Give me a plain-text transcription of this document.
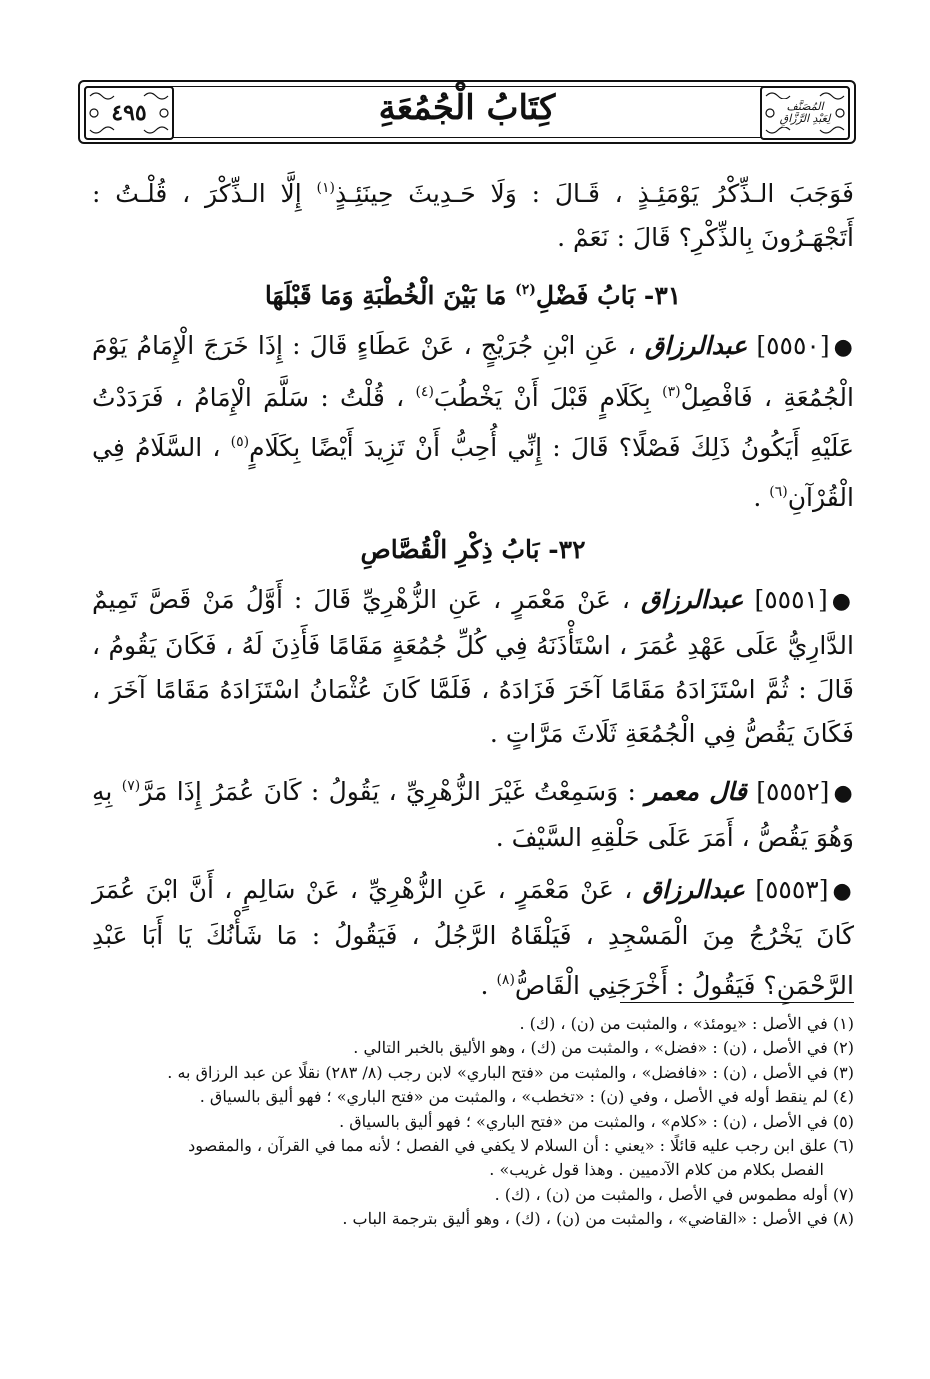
٤٩٥	كِتَابُ الْجُمُعَةِ	المُصَنَّف
لِعَبْدِ الرَّزَّاقِ

فَوَجَبَ الـذِّكْرُ يَوْمَئِـذٍ ، قَـالَ : وَلَا حَـدِيثَ حِينَئِـذٍ$^{(١)}$ إِلَّا الـذِّكْرَ ، قُلْـتُ : أَتَجْهَـرُونَ بِالذِّكْرِ؟ قَالَ : نَعَمْ .

٣١- بَابُ فَضْلِ$^{(٢)}$ مَا بَيْنَ الْخُطْبَةِ وَمَا قَبْلَهَا

●[٥٥٥٠] عبدالرزاق ، عَنِ ابْنِ جُرَيْجٍ ، عَنْ عَطَاءٍ قَالَ : إِذَا خَرَجَ الْإِمَامُ يَوْمَ الْجُمُعَةِ ، فَافْصِلْ$^{(٣)}$ بِكَلَامٍ قَبْلَ أَنْ يَخْطُبَ$^{(٤)}$ ، قُلْتُ : سَلَّمَ الْإِمَامُ ، فَرَدَدْتُ عَلَيْهِ أَيَكُونُ ذَلِكَ فَصْلًا؟ قَالَ : إِنِّي أُحِبُّ أَنْ تَزِيدَ أَيْضًا بِكَلَامٍ$^{(٥)}$ ، السَّلَامُ فِي الْقُرْآنِ$^{(٦)}$ .

٣٢- بَابُ ذِكْرِ الْقُصَّاصِ

●[٥٥٥١] عبدالرزاق ، عَنْ مَعْمَرٍ ، عَنِ الزُّهْرِيِّ قَالَ : أَوَّلُ مَنْ قَصَّ تَمِيمٌ الدَّارِيُّ عَلَى عَهْدِ عُمَرَ ، اسْتَأْذَنَهُ فِي كُلِّ جُمُعَةٍ مَقَامًا فَأَذِنَ لَهُ ، فَكَانَ يَقُومُ ، قَالَ : ثُمَّ اسْتَزَادَهُ مَقَامًا آخَرَ فَزَادَهُ ، فَلَمَّا كَانَ عُثْمَانُ اسْتَزَادَهُ مَقَامًا آخَرَ ، فَكَانَ يَقُصُّ فِي الْجُمُعَةِ ثَلَاثَ مَرَّاتٍ .

●[٥٥٥٢] قال معمر : وَسَمِعْتُ غَيْرَ الزُّهْرِيِّ ، يَقُولُ : كَانَ عُمَرُ إِذَا مَرَّ$^{(٧)}$ بِهِ وَهُوَ يَقُصُّ ، أَمَرَ عَلَى حَلْقِهِ السَّيْفَ .

●[٥٥٥٣] عبدالرزاق ، عَنْ مَعْمَرٍ ، عَنِ الزُّهْرِيِّ ، عَنْ سَالِمٍ ، أَنَّ ابْنَ عُمَرَ كَانَ يَخْرُجُ مِنَ الْمَسْجِدِ ، فَيَلْقَاهُ الرَّجُلُ ، فَيَقُولُ : مَا شَأْنُكَ يَا أَبَا عَبْدِ الرَّحْمَنِ؟ فَيَقُولُ : أَخْرَجَنِي الْقَاصُّ$^{(٨)}$ .

(١) في الأصل : «يومئذ» ، والمثبت من (ن) ، (ك) .

(٢) في الأصل ، (ن) : «فضل» ، والمثبت من (ك) ، وهو الأليق بالخبر التالي .

(٣) في الأصل ، (ن) : «فافضل» ، والمثبت من «فتح الباري» لابن رجب (٨/ ٢٨٣) نقلًا عن عبد الرزاق به .

(٤) لم ينقط أوله في الأصل ، وفي (ن) : «تخطب» ، والمثبت من «فتح الباري» ؛ فهو أليق بالسياق .

(٥) في الأصل ، (ن) : «كلام» ، والمثبت من «فتح الباري» ؛ فهو أليق بالسياق .

(٦) علق ابن رجب عليه قائلًا : «يعني : أن السلام لا يكفي في الفصل ؛ لأنه مما في القرآن ، والمقصود

الفصل بكلام من كلام الآدميين . وهذا قول غريب» .

(٧) أوله مطموس في الأصل ، والمثبت من (ن) ، (ك) .

(٨) في الأصل : «القاضي» ، والمثبت من (ن) ، (ك) ، وهو أليق بترجمة الباب .
